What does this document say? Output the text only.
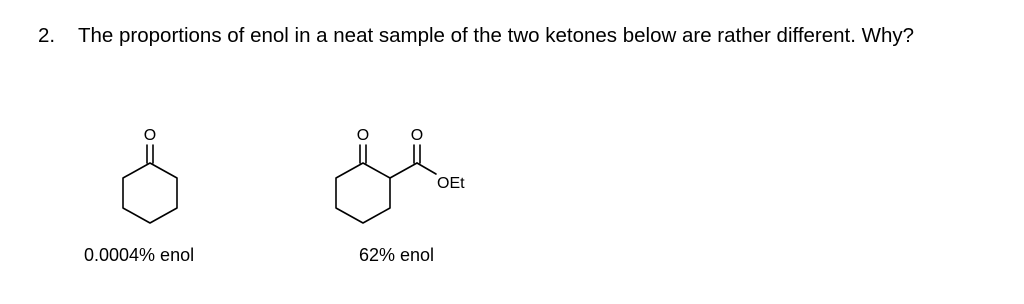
2. The proportions of enol in a neat sample of the two ketones below are rather different. Why?
O	O	O
OEt
0.0004% enol	62% enol
